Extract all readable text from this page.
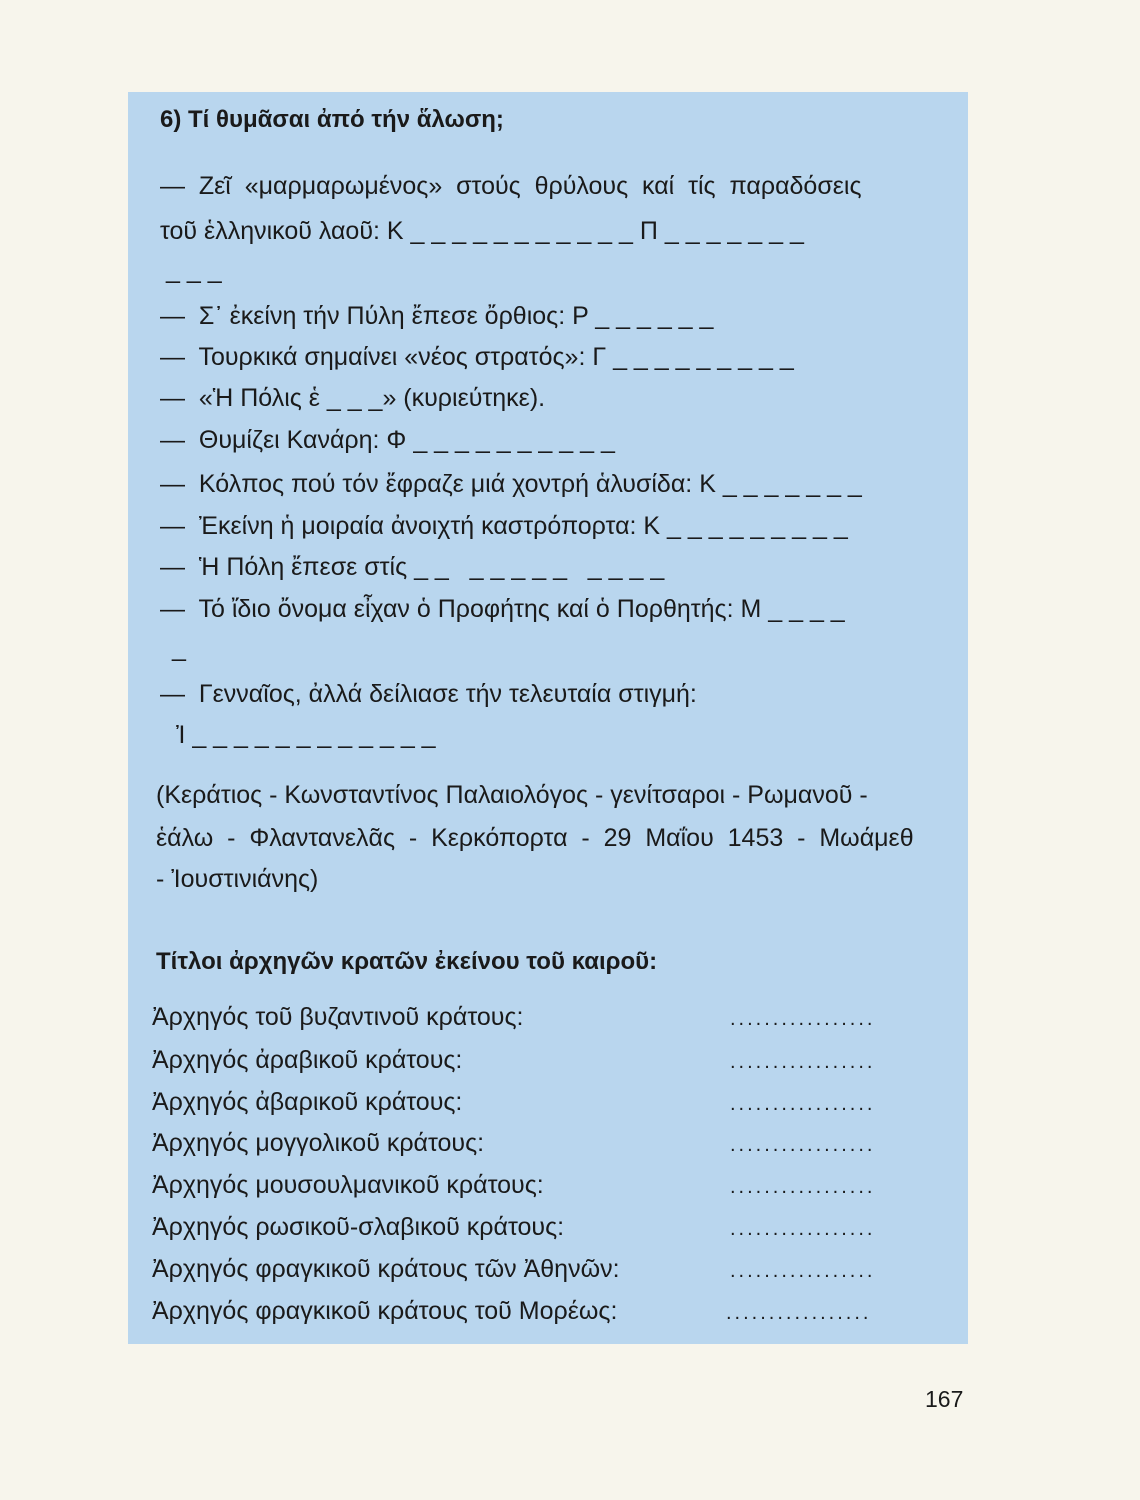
6) Τί θυμᾶσαι ἀπό τήν ἅλωση;
—  Ζεῖ  «μαρμαρωμένος»  στούς  θρύλους  καί  τίς  παραδόσεις
τοῦ ἑλληνικοῦ λαοῦ: Κ _ _ _ _ _ _ _ _ _ _ _ Π _ _ _ _ _ _ _
_ _ _
—  Σ᾽ ἐκείνη τήν Πύλη ἔπεσε ὄρθιος: Ρ _ _ _ _ _ _
—  Τουρκικά σημαίνει «νέος στρατός»: Γ _ _ _ _ _ _ _ _ _
—  «Ἡ Πόλις ἑ _ _ _» (κυριεύτηκε).
—  Θυμίζει Κανάρη: Φ _ _ _ _ _ _ _ _ _ _
—  Κόλπος πού τόν ἔφραζε μιά χοντρή ἁλυσίδα: Κ _ _ _ _ _ _ _
—  Ἐκείνη ἡ μοιραία ἀνοιχτή καστρόπορτα: Κ _ _ _ _ _ _ _ _ _
—  Ἡ Πόλη ἔπεσε στίς _ _   _ _ _ _ _   _ _ _ _
—  Τό ἴδιο ὄνομα εἶχαν ὁ Προφήτης καί ὁ Πορθητής: Μ _ _ _ _
_
—  Γενναῖος, ἀλλά δείλιασε τήν τελευταία στιγμή:
Ἰ _ _ _ _ _ _ _ _ _ _ _ _
(Κεράτιος - Κωνσταντίνος Παλαιολόγος - γενίτσαροι - Ρωμανοῦ -
ἑάλω  -  Φλαντανελᾶς  -  Κερκόπορτα  -  29  Μαΐου  1453  -  Μωάμεθ
- Ἰουστινιάνης)
Τίτλοι ἀρχηγῶν κρατῶν ἐκείνου τοῦ καιροῦ:
Ἀρχηγός τοῦ βυζαντινοῦ κράτους:	.................
Ἀρχηγός ἀραβικοῦ κράτους:	.................
Ἀρχηγός ἀβαρικοῦ κράτους:	.................
Ἀρχηγός μογγολικοῦ κράτους:	.................
Ἀρχηγός μουσουλμανικοῦ κράτους:	.................
Ἀρχηγός ρωσικοῦ-σλαβικοῦ κράτους:	.................
Ἀρχηγός φραγκικοῦ κράτους τῶν Ἀθηνῶν:	.................
Ἀρχηγός φραγκικοῦ κράτους τοῦ Μορέως:	.................
167
